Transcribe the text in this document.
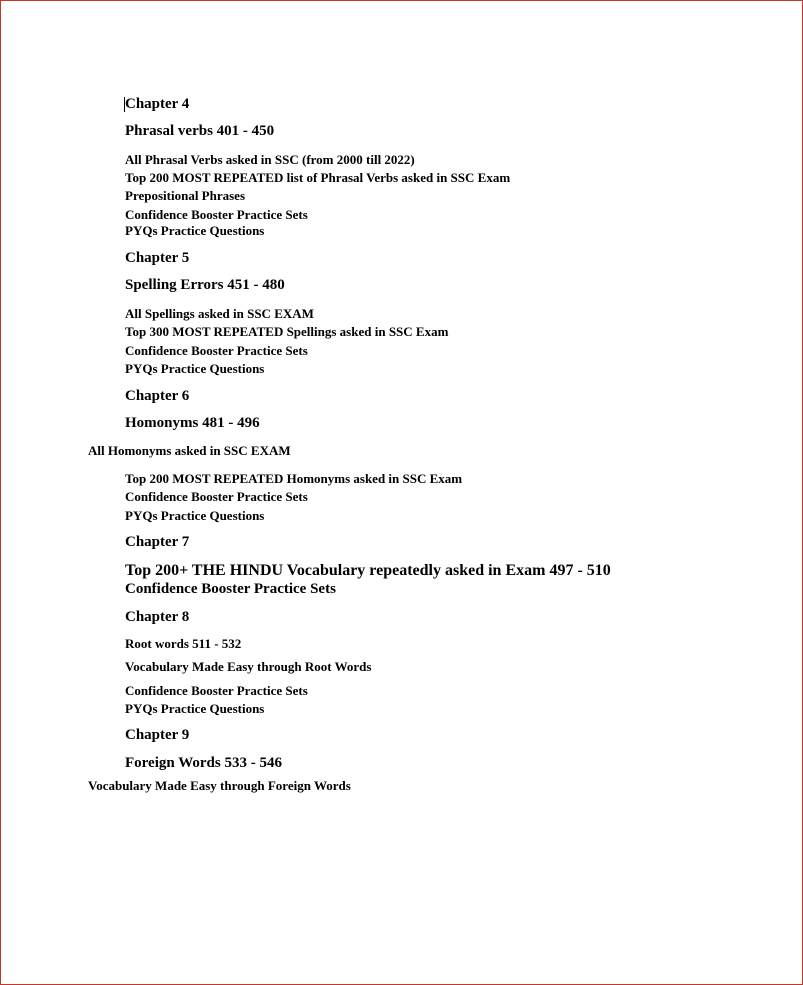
Chapter 4
Phrasal verbs 401 - 450
All Phrasal Verbs asked in SSC (from 2000 till 2022)
Top 200 MOST REPEATED list of Phrasal Verbs asked in SSC Exam
Prepositional Phrases
Confidence Booster Practice Sets
PYQs Practice Questions
Chapter 5
Spelling Errors 451 - 480
All Spellings asked in SSC EXAM
Top 300 MOST REPEATED Spellings asked in SSC Exam
Confidence Booster Practice Sets
PYQs Practice Questions
Chapter 6
Homonyms 481 - 496
All Homonyms asked in SSC EXAM
Top 200 MOST REPEATED Homonyms asked in SSC Exam
Confidence Booster Practice Sets
PYQs Practice Questions
Chapter 7
Top 200+ THE HINDU Vocabulary repeatedly asked in Exam 497 - 510
Confidence Booster Practice Sets
Chapter 8
Root words 511 - 532
Vocabulary Made Easy through Root Words
Confidence Booster Practice Sets
PYQs Practice Questions
Chapter 9
Foreign Words 533 - 546
Vocabulary Made Easy through Foreign Words
